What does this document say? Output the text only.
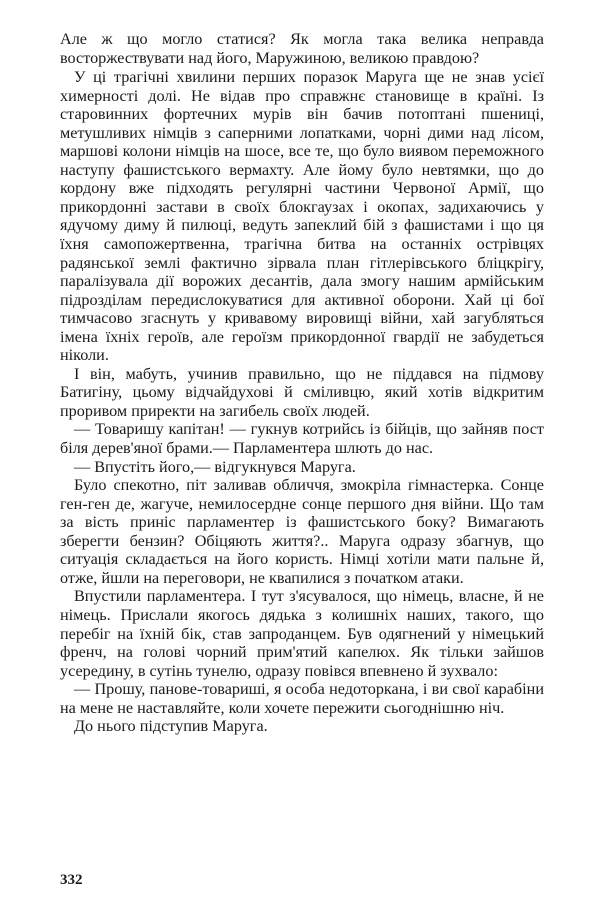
Але ж що могло статися? Як могла така велика неправда восторжествувати над його, Маружиною, великою правдою?

У ці трагічні хвилини перших поразок Маруга ще не знав усієї химерності долі. Не відав про справжнє становище в країні. Із старовинних фортечних мурів він бачив потоптані пшениці, метушливих німців з саперними лопатками, чорні дими над лісом, маршові колони німців на шосе, все те, що було виявом переможного наступу фашистського вермахту. Але йому було невтямки, що до кордону вже підходять регулярні частини Червоної Армії, що прикордонні застави в своїх блокгаузах і окопах, задихаючись у ядучому диму й пилюці, ведуть запеклий бій з фашистами і що ця їхня самопожертвенна, трагічна битва на останніх острівцях радянської землі фактично зірвала план гітлерівського бліцкрігу, паралізувала дії ворожих десантів, дала змогу нашим армійським підрозділам передислокуватися для активної оборони. Хай ці бої тимчасово згаснуть у кривавому вировищі війни, хай загубляться імена їхніх героїв, але героїзм прикордонної гвардії не забудеться ніколи.

І він, мабуть, учинив правильно, що не піддався на підмову Батигіну, цьому відчайдухові й сміливцю, який хотів відкритим проривом приректи на загибель своїх людей.

— Товаришу капітан! — гукнув котрийсь із бійців, що зайняв пост біля дерев'яної брами.— Парламентера шлють до нас.

— Впустіть його,— відгукнувся Маруга.

Було спекотно, піт заливав обличчя, змокріла гімнастерка. Сонце ген-ген де, жагуче, немилосердне сонце першого дня війни. Що там за вість приніс парламентер із фашистського боку? Вимагають зберегти бензин? Обіцяють життя?.. Маруга одразу збагнув, що ситуація складається на його користь. Німці хотіли мати пальне й, отже, йшли на переговори, не квапилися з початком атаки.

Впустили парламентера. І тут з'ясувалося, що німець, власне, й не німець. Прислали якогось дядька з колишніх наших, такого, що перебіг на їхній бік, став запроданцем. Був одягнений у німецький френч, на голові чорний прим'ятий капелюх. Як тільки зайшов усередину, в сутінь тунелю, одразу повівся впевнено й зухвало:

— Прошу, панове-товариші, я особа недоторкана, і ви свої карабіни на мене не наставляйте, коли хочете пережити сьогоднішню ніч.

До нього підступив Маруга.

332
